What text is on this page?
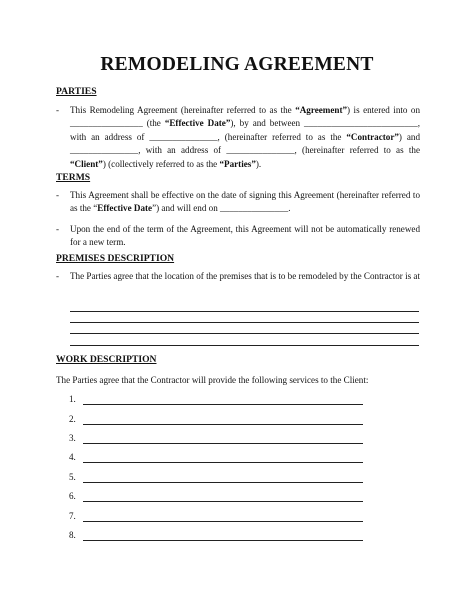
REMODELING AGREEMENT
PARTIES
- This Remodeling Agreement (hereinafter referred to as the “Agreement”) is entered into on ________________ (the “Effective Date”), by and between _________________________, with an address of _______________, (hereinafter referred to as the “Contractor”) and _______________, with an address of _______________, (hereinafter referred to as the “Client”) (collectively referred to as the “Parties”).
TERMS
- This Agreement shall be effective on the date of signing this Agreement (hereinafter referred to as the “Effective Date”) and will end on _______________.
- Upon the end of the term of the Agreement, this Agreement will not be automatically renewed for a new term.
PREMISES DESCRIPTION
- The Parties agree that the location of the premises that is to be remodeled by the Contractor is at
WORK DESCRIPTION
The Parties agree that the Contractor will provide the following services to the Client:
1.
2.
3.
4.
5.
6.
7.
8.
